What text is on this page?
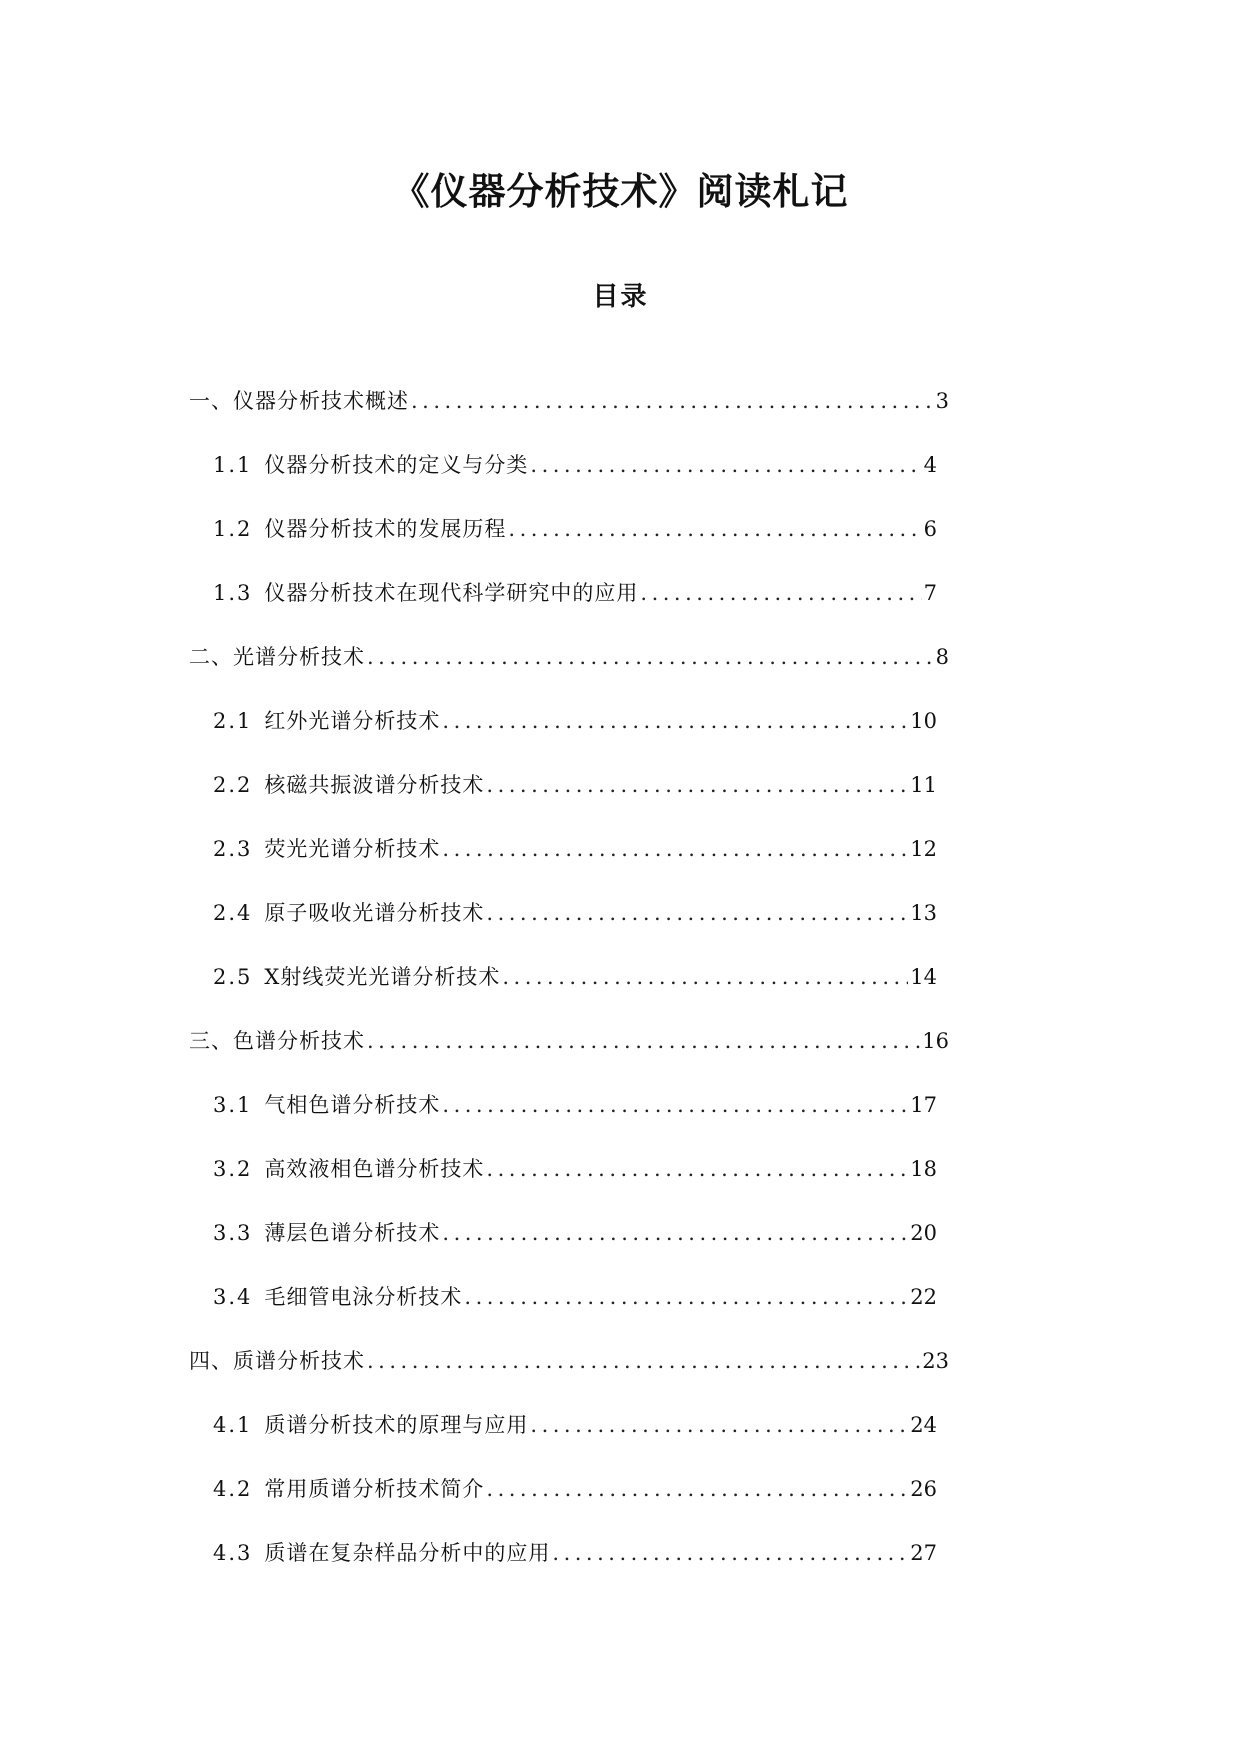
《仪器分析技术》阅读札记
目录
一、仪器分析技术概述 .....	3
1.1 仪器分析技术的定义与分类 .....	4
1.2 仪器分析技术的发展历程 .....	6
1.3 仪器分析技术在现代科学研究中的应用 .....	7
二、光谱分析技术 .....	8
2.1 红外光谱分析技术 .....	10
2.2 核磁共振波谱分析技术 .....	11
2.3 荧光光谱分析技术 .....	12
2.4 原子吸收光谱分析技术 .....	13
2.5 X射线荧光光谱分析技术 .....	14
三、色谱分析技术 .....	16
3.1 气相色谱分析技术 .....	17
3.2 高效液相色谱分析技术 .....	18
3.3 薄层色谱分析技术 .....	20
3.4 毛细管电泳分析技术 .....	22
四、质谱分析技术 .....	23
4.1 质谱分析技术的原理与应用 .....	24
4.2 常用质谱分析技术简介 .....	26
4.3 质谱在复杂样品分析中的应用 .....	27
